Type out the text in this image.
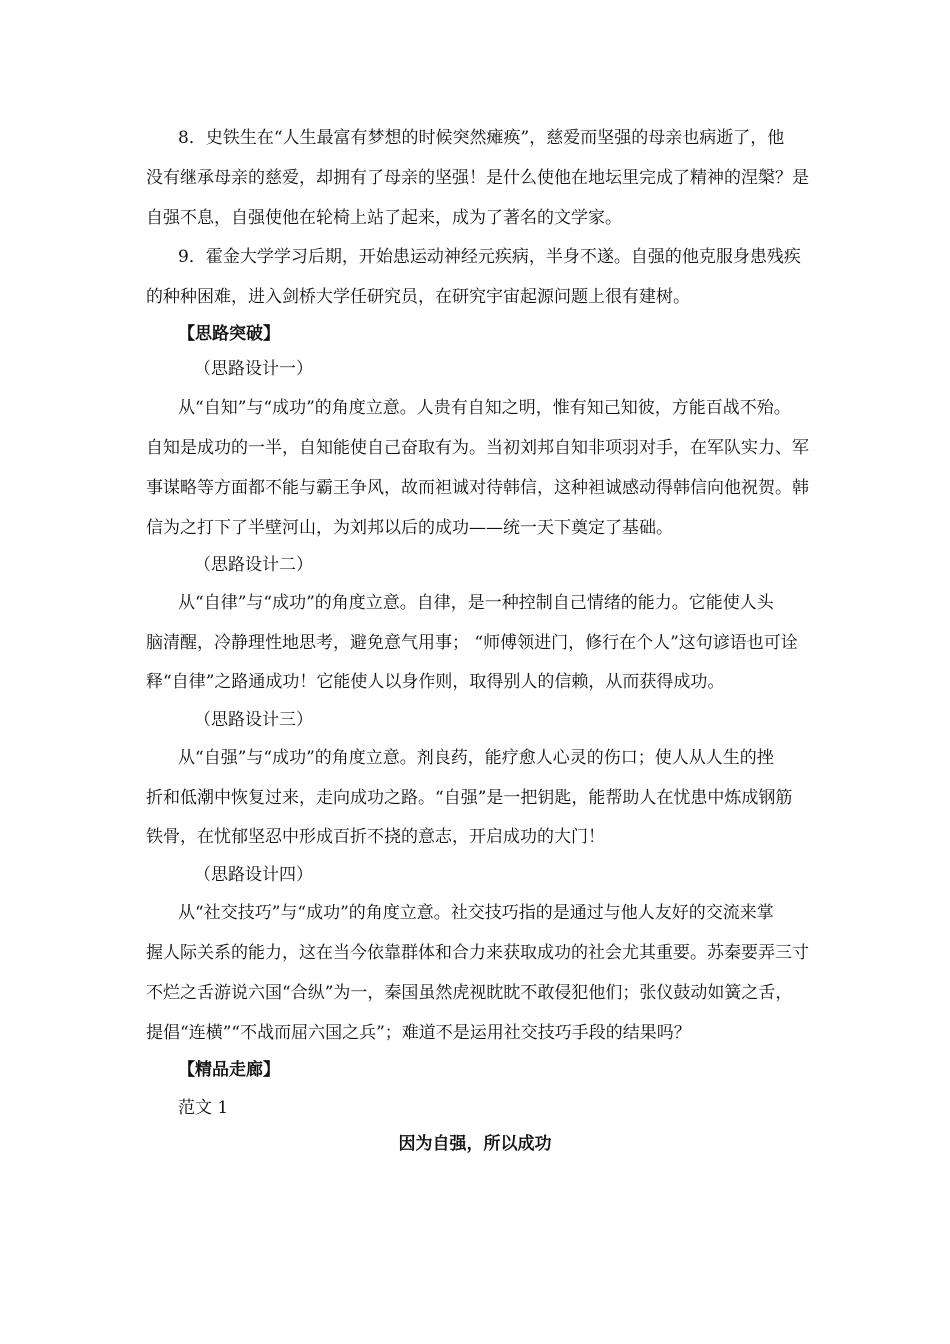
8．史铁生在“人生最富有梦想的时候突然瘫痪”，慈爱而坚强的母亲也病逝了，他
没有继承母亲的慈爱，却拥有了母亲的坚强！是什么使他在地坛里完成了精神的涅槃？是
自强不息，自强使他在轮椅上站了起来，成为了著名的文学家。
9．霍金大学学习后期，开始患运动神经元疾病，半身不遂。自强的他克服身患残疾
的种种困难，进入剑桥大学任研究员，在研究宇宙起源问题上很有建树。
【思路突破】
（思路设计一）
从“自知”与“成功”的角度立意。人贵有自知之明，惟有知己知彼，方能百战不殆。
自知是成功的一半，自知能使自己奋取有为。当初刘邦自知非项羽对手，在军队实力、军
事谋略等方面都不能与霸王争风，故而袒诚对待韩信，这种袒诚感动得韩信向他祝贺。韩
信为之打下了半壁河山，为刘邦以后的成功——统一天下奠定了基础。
（思路设计二）
从“自律”与“成功”的角度立意。自律，是一种控制自己情绪的能力。它能使人头
脑清醒，冷静理性地思考，避免意气用事； “师傅领进门，修行在个人”这句谚语也可诠
释“自律”之路通成功！它能使人以身作则，取得别人的信赖，从而获得成功。
（思路设计三）
从“自强”与“成功”的角度立意。剂良药，能疗愈人心灵的伤口；使人从人生的挫
折和低潮中恢复过来，走向成功之路。“自强”是一把钥匙，能帮助人在忧患中炼成钢筋
铁骨，在忧郁坚忍中形成百折不挠的意志，开启成功的大门！
（思路设计四）
从“社交技巧”与“成功”的角度立意。社交技巧指的是通过与他人友好的交流来掌
握人际关系的能力，这在当今依靠群体和合力来获取成功的社会尤其重要。苏秦要弄三寸
不烂之舌游说六国“合纵”为一，秦国虽然虎视眈眈不敢侵犯他们；张仪鼓动如簧之舌，
提倡“连横”“不战而屈六国之兵”；难道不是运用社交技巧手段的结果吗？
【精品走廊】
范文 1
因为自强，所以成功
